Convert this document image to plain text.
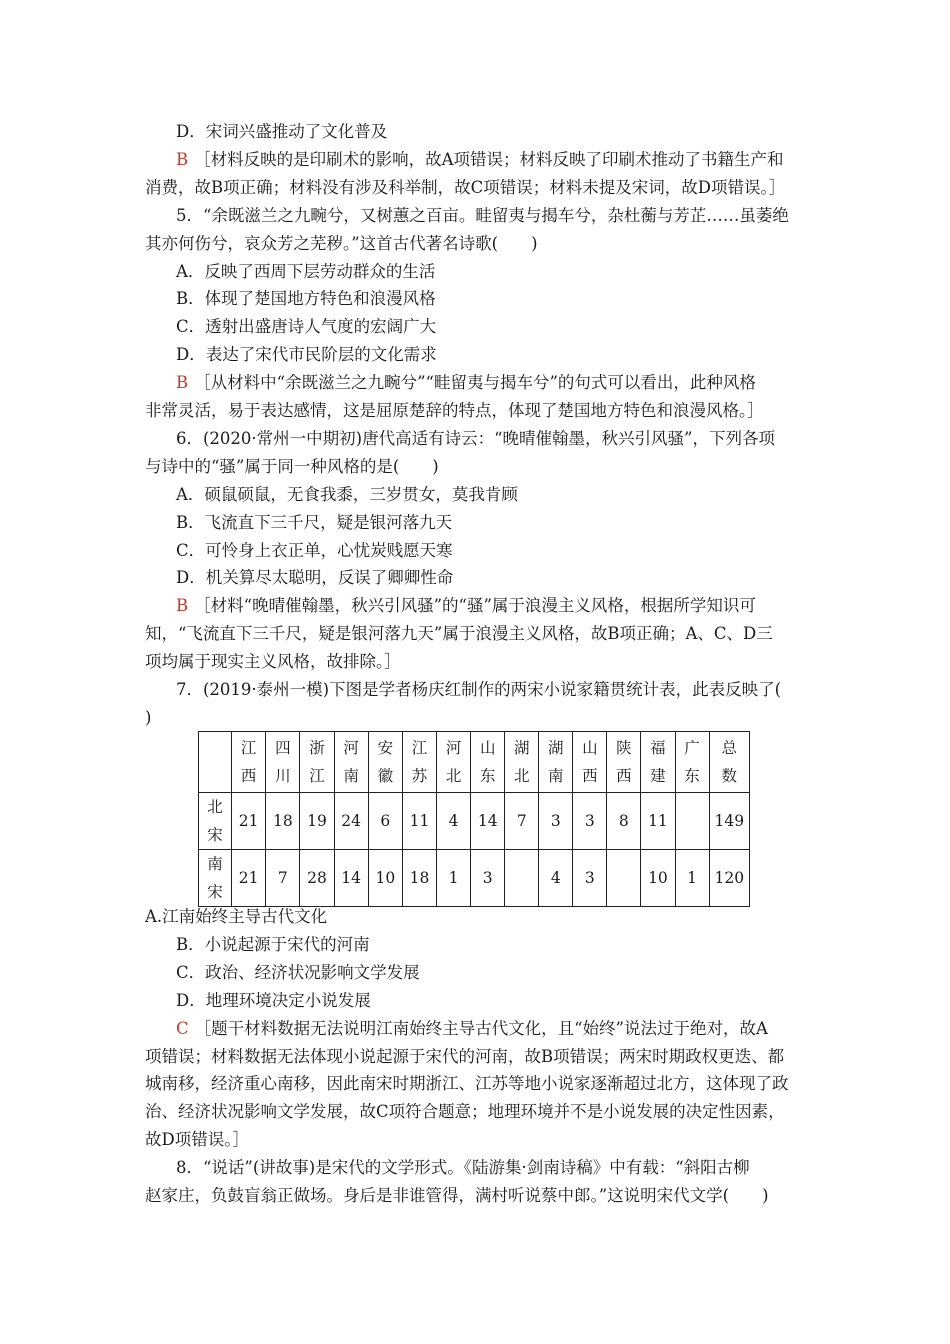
D．宋词兴盛推动了文化普及
B ［材料反映的是印刷术的影响，故A项错误；材料反映了印刷术推动了书籍生产和
消费，故B项正确；材料没有涉及科举制，故C项错误；材料未提及宋词，故D项错误。］
5．“余既滋兰之九畹兮，又树蕙之百亩。畦留夷与揭车兮，杂杜蘅与芳芷……虽萎绝
其亦何伤兮，哀众芳之芜秽。”这首古代著名诗歌(　　)
A．反映了西周下层劳动群众的生活
B．体现了楚国地方特色和浪漫风格
C．透射出盛唐诗人气度的宏阔广大
D．表达了宋代市民阶层的文化需求
B ［从材料中“余既滋兰之九畹兮”“畦留夷与揭车兮”的句式可以看出，此种风格
非常灵活，易于表达感情，这是屈原楚辞的特点，体现了楚国地方特色和浪漫风格。］
6．(2020·常州一中期初)唐代高适有诗云：“晚晴催翰墨，秋兴引风骚”，下列各项
与诗中的“骚”属于同一种风格的是(　　)
A．硕鼠硕鼠，无食我黍，三岁贯女，莫我肯顾
B．飞流直下三千尺，疑是银河落九天
C．可怜身上衣正单，心忧炭贱愿天寒
D．机关算尽太聪明，反误了卿卿性命
B ［材料“晚晴催翰墨，秋兴引风骚”的“骚”属于浪漫主义风格，根据所学知识可
知，“飞流直下三千尺，疑是银河落九天”属于浪漫主义风格，故B项正确；A、C、D三
项均属于现实主义风格，故排除。］
7．(2019·泰州一模)下图是学者杨庆红制作的两宋小说家籍贯统计表，此表反映了(
)
	江西	四川	浙江	河南	安徽	江苏	河北	山东	湖北	湖南	山西	陕西	福建	广东	总数
北宋	21	18	19	24	6	11	4	14	7	3	3	8	11		149
南宋	21	7	28	14	10	18	1	3		4	3		10	1	120
A.江南始终主导古代文化
B．小说起源于宋代的河南
C．政治、经济状况影响文学发展
D．地理环境决定小说发展
C ［题干材料数据无法说明江南始终主导古代文化，且“始终”说法过于绝对，故A
项错误；材料数据无法体现小说起源于宋代的河南，故B项错误；两宋时期政权更迭、都
城南移，经济重心南移，因此南宋时期浙江、江苏等地小说家逐渐超过北方，这体现了政
治、经济状况影响文学发展，故C项符合题意；地理环境并不是小说发展的决定性因素，
故D项错误。］
8．“说话”(讲故事)是宋代的文学形式。《陆游集·剑南诗稿》中有载：“斜阳古柳
赵家庄，负鼓盲翁正做场。身后是非谁管得，满村听说蔡中郎。”这说明宋代文学(　　)
